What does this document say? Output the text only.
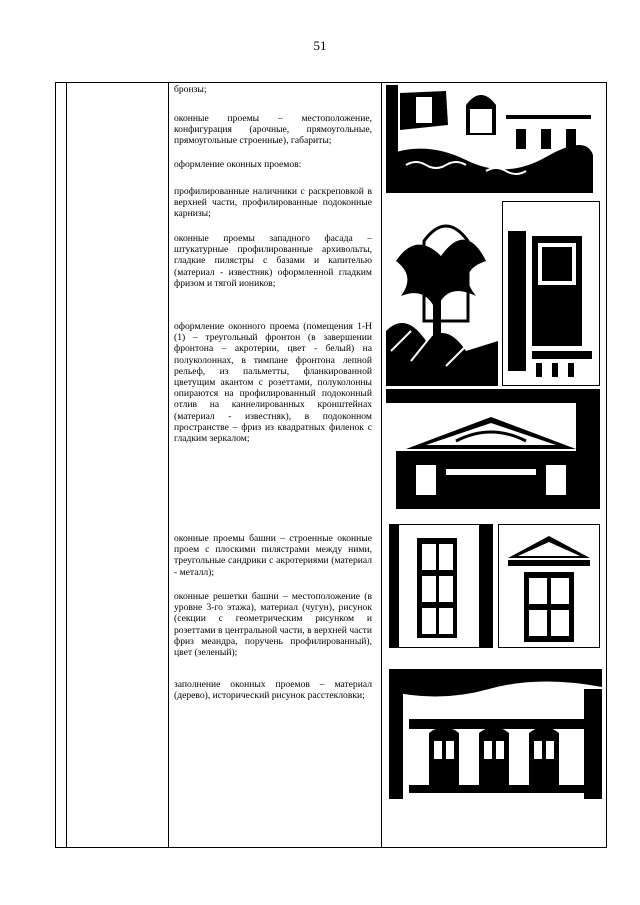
51
бронзы;
оконные проемы – местоположение, конфигурация (арочные, прямоугольные, прямоугольные строенные), габариты;
оформление оконных проемов:
профилированные наличники с раскреповкой в верхней части, профилированные подоконные карнизы;
оконные проемы западного фасада – штукатурные профилированные архивольты, гладкие пилястры с базами и капителью (материал - известняк) оформленной гладким фризом и тягой иоников;
оформление оконного проема (помещения 1-Н (1) – треугольный фронтон (в завершении фронтона – акротерии, цвет - белый) на полуколоннах, в тимпане фронтона лепной рельеф, из пальметты, фланкированной цветущим акантом с розеттами, полуколонны опираются на профилированный подоконный отлив на каннелированных кронштейнах (материал - известняк), в подоконном пространстве – фриз из квадратных филенок с гладким зеркалом;
оконные проемы башни – строенные оконные проем с плоскими пилястрами между ними, треугольные сандрики с акротериями (материал - металл);
оконные решетки башни – местоположение (в уровне 3-го этажа), материал (чугун), рисунок (секции с геометрическим рисунком и розеттами в центральной части, в верхней части фриз меандра, поручень профилированный), цвет (зеленый);
заполнение оконных проемов – материал (дерево), исторический рисунок расстекловки;
